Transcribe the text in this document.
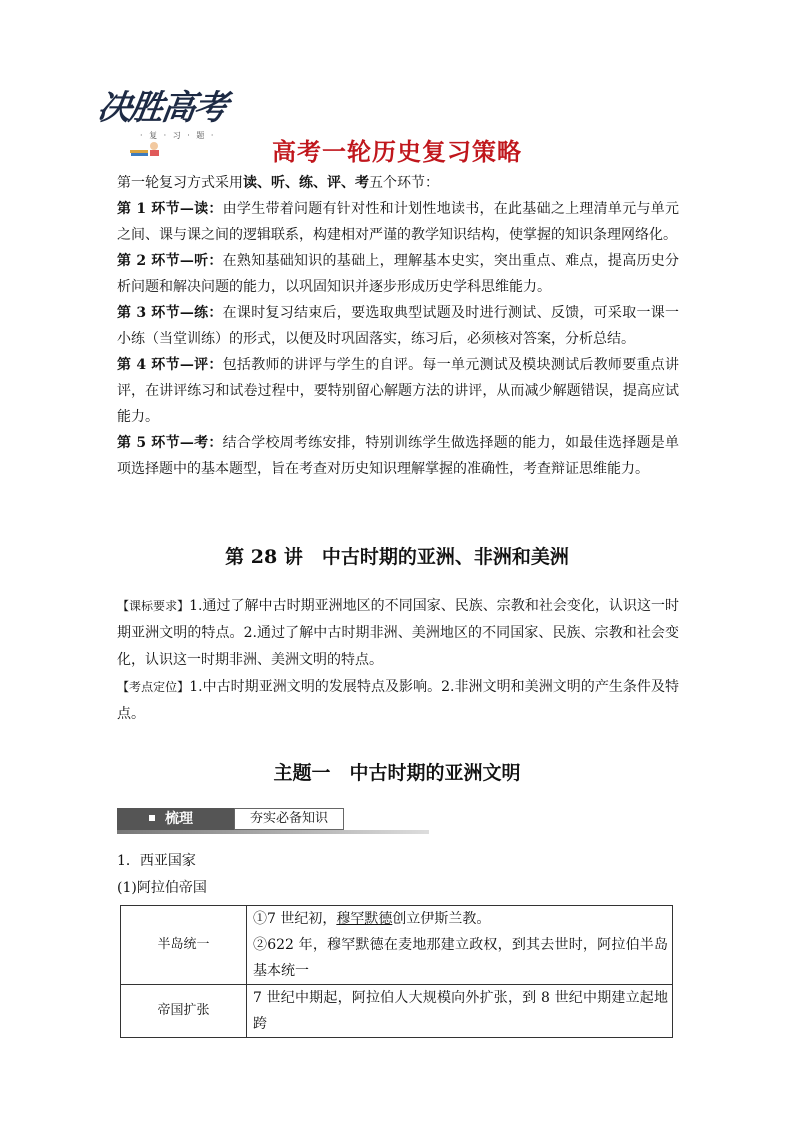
决胜高考
· 复 · 习 · 题 ·
高考一轮历史复习策略

第一轮复习方式采用读、听、练、评、考五个环节：

第 1 环节—读：由学生带着问题有针对性和计划性地读书，在此基础之上理清单元与单元之间、课与课之间的逻辑联系，构建相对严谨的教学知识结构，使掌握的知识条理网络化。

第 2 环节—听：在熟知基础知识的基础上，理解基本史实，突出重点、难点，提高历史分析问题和解决问题的能力，以巩固知识并逐步形成历史学科思维能力。

第 3 环节—练：在课时复习结束后，要选取典型试题及时进行测试、反馈，可采取一课一小练（当堂训练）的形式，以便及时巩固落实，练习后，必须核对答案，分析总结。

第 4 环节—评：包括教师的讲评与学生的自评。每一单元测试及模块测试后教师要重点讲评，在讲评练习和试卷过程中，要特别留心解题方法的讲评，从而减少解题错误，提高应试能力。

第 5 环节—考：结合学校周考练安排，特别训练学生做选择题的能力，如最佳选择题是单项选择题中的基本题型，旨在考查对历史知识理解掌握的准确性，考查辩证思维能力。

第 28 讲　中古时期的亚洲、非洲和美洲

【课标要求】1.通过了解中古时期亚洲地区的不同国家、民族、宗教和社会变化，认识这一时期亚洲文明的特点。2.通过了解中古时期非洲、美洲地区的不同国家、民族、宗教和社会变化，认识这一时期非洲、美洲文明的特点。

【考点定位】1.中古时期亚洲文明的发展特点及影响。2.非洲文明和美洲文明的产生条件及特点。

主题一　中古时期的亚洲文明
梳理	夯实必备知识
1．西亚国家
(1)阿拉伯帝国
半岛统一	①7 世纪初，穆罕默德创立伊斯兰教。

②622 年，穆罕默德在麦地那建立政权，到其去世时，阿拉伯半岛基本统一

帝国扩张	7 世纪中期起，阿拉伯人大规模向外扩张，到 8 世纪中期建立起地跨
